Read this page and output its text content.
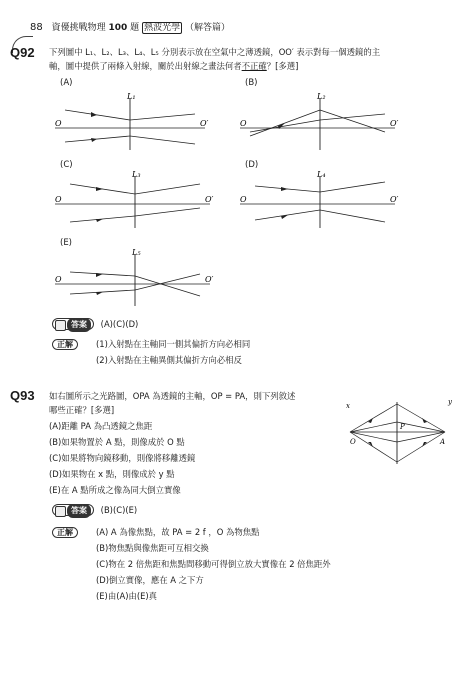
88 資優挑戰物理 100 題 熱波光學 （解答篇）
Q92 下列圖中 L₁、L₂、L₃、L₄、L₅ 分別表示放在空氣中之薄透鏡，OO′ 表示對每一個透鏡的主
軸，圖中提供了兩條入射線，關於出射線之畫法何者不正確？[多選]
(A)
L₁
O	O′
(B)
L₂
O	O′
(C)
L₃
O	O′
(D)
L₄
O	O′
(E)
L₅
O	O′
答案 (A)(C)(D)
正解	(1)入射點在主軸同一側其偏折方向必相同
(2)入射點在主軸異側其偏折方向必相反
Q93 如右圖所示之光路圖，OPA 為透鏡的主軸，OP = PA，則下列敘述
哪些正確？[多選]
(A)距離 PA 為凸透鏡之焦距
(B)如果物置於 A 點，則像成於 O 點
(C)如果將物向鏡移動，則像將移離透鏡
(D)如果物在 x 點，則像成於 y 點
(E)在 A 點所成之像為同大倒立實像
x	y
O
P
A
答案 (B)(C)(E)
正解	(A) A 為像焦點，故 PA = 2 f ，O 為物焦點
(B)物焦點與像焦距可互相交換
(C)物在 2 倍焦距和焦點間移動可得倒立放大實像在 2 倍焦距外
(D)倒立實像，應在 A 之下方
(E)由(A)由(E)真
